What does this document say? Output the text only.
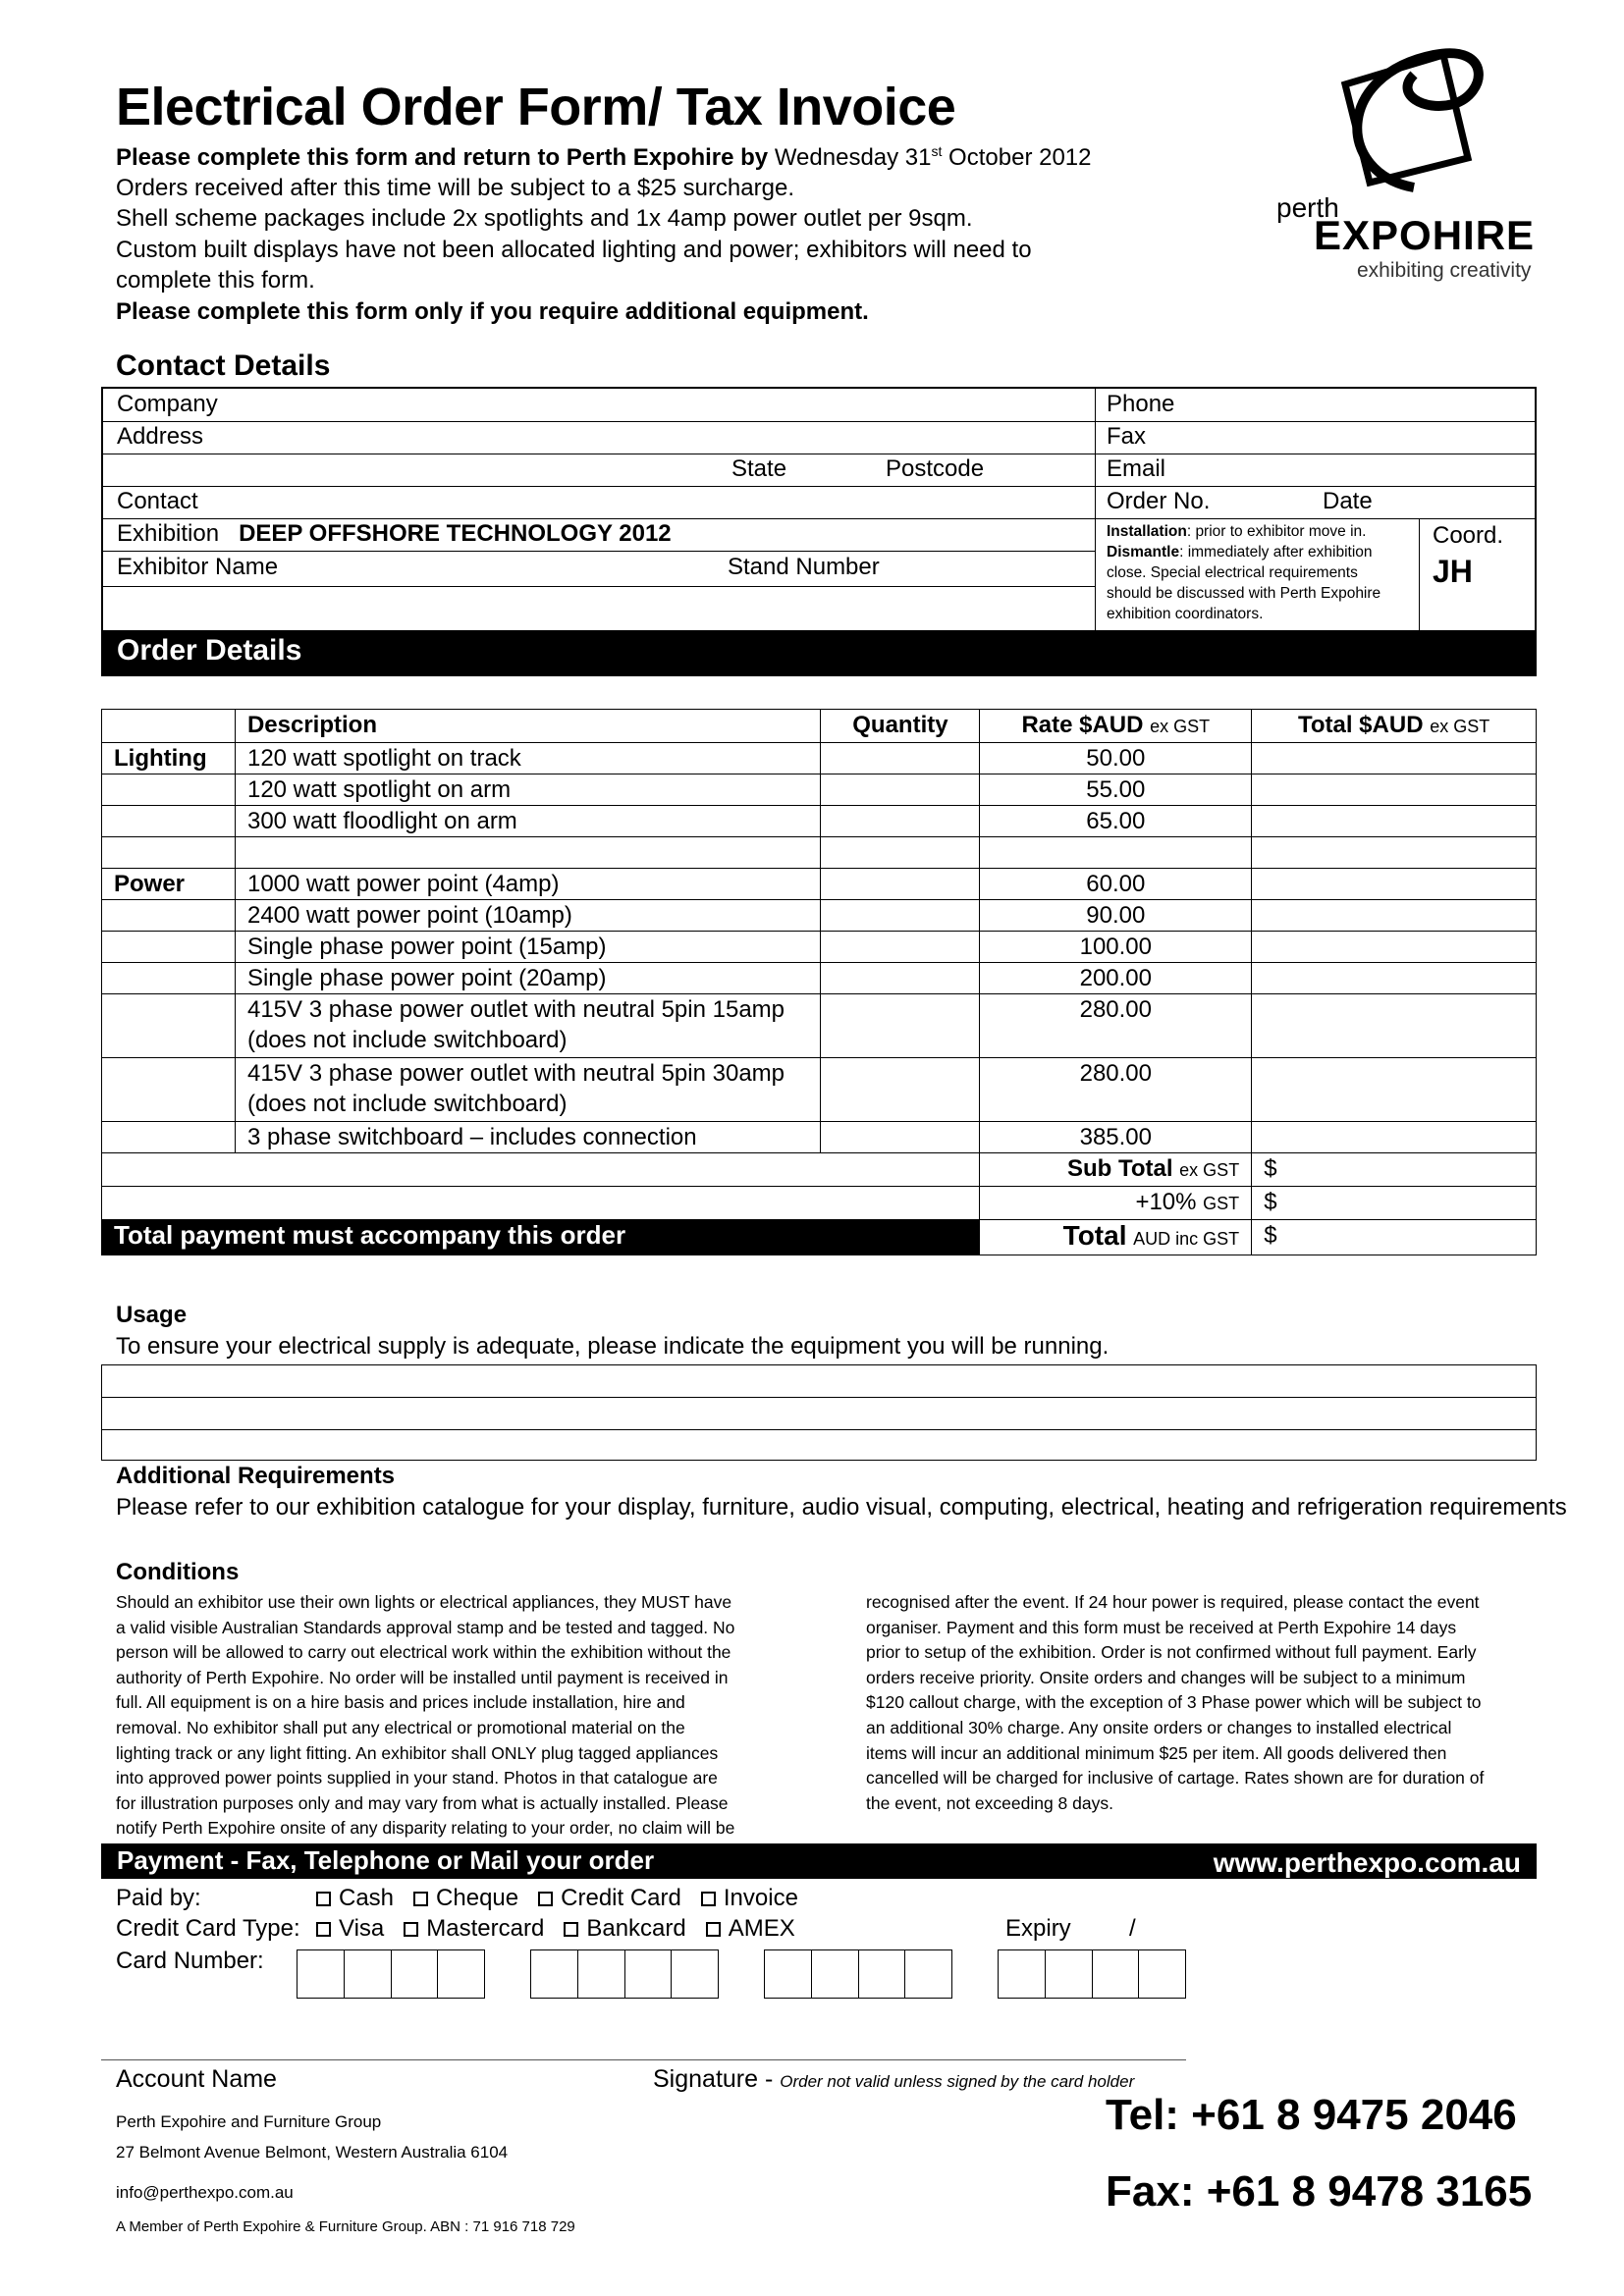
Electrical Order Form/ Tax Invoice
Please complete this form and return to Perth Expohire by Wednesday 31st October 2012
Orders received after this time will be subject to a $25 surcharge.
Shell scheme packages include 2x spotlights and 1x 4amp power outlet per 9sqm.
Custom built displays have not been allocated lighting and power; exhibitors will need to
complete this form.
Please complete this form only if you require additional equipment.
perth
EXPOHIRE
exhibiting creativity
Contact Details
Company
Address
State	Postcode
Contact
Exhibition DEEP OFFSHORE TECHNOLOGY 2012
Exhibitor Name	Stand Number
Phone
Fax
Email
Order No.	Date
Installation: prior to exhibitor move in.
Dismantle: immediately after exhibition
close. Special electrical requirements
should be discussed with Perth Expohire
exhibition coordinators.
Coord.
JH
Order Details
	Description	Quantity	Rate $AUD ex GST	Total $AUD ex GST
Lighting	120 watt spotlight on track		50.00	
	120 watt spotlight on arm		55.00	
	300 watt floodlight on arm		65.00	

Power	1000 watt power point (4amp)		60.00	
	2400 watt power point (10amp)		90.00	
	Single phase power point (15amp)		100.00	
	Single phase power point (20amp)		200.00	

	415V 3 phase power outlet with neutral 5pin 15amp
(does not include switchboard)		280.00	

	415V 3 phase power outlet with neutral 5pin 30amp
(does not include switchboard)		280.00	
	3 phase switchboard – includes connection		385.00	
			Sub Total ex GST	$
			+10% GST	$
Total payment must accompany this order			Total AUD inc GST	$
Usage
To ensure your electrical supply is adequate, please indicate the equipment you will be running.
Additional Requirements
Please refer to our exhibition catalogue for your display, furniture, audio visual, computing, electrical, heating and refrigeration requirements
Conditions
Should an exhibitor use their own lights or electrical appliances, they MUST have
a valid visible Australian Standards approval stamp and be tested and tagged. No
person will be allowed to carry out electrical work within the exhibition without the
authority of Perth Expohire. No order will be installed until payment is received in
full. All equipment is on a hire basis and prices include installation, hire and
removal. No exhibitor shall put any electrical or promotional material on the
lighting track or any light fitting. An exhibitor shall ONLY plug tagged appliances
into approved power points supplied in your stand. Photos in that catalogue are
for illustration purposes only and may vary from what is actually installed. Please
notify Perth Expohire onsite of any disparity relating to your order, no claim will be
recognised after the event. If 24 hour power is required, please contact the event
organiser. Payment and this form must be received at Perth Expohire 14 days
prior to setup of the exhibition. Order is not confirmed without full payment. Early
orders receive priority. Onsite orders and changes will be subject to a minimum
$120 callout charge, with the exception of 3 Phase power which will be subject to
an additional 30% charge. Any onsite orders or changes to installed electrical
items will incur an additional minimum $25 per item. All goods delivered then
cancelled will be charged for inclusive of cartage. Rates shown are for duration of
the event, not exceeding 8 days.
Payment - Fax, Telephone or Mail your order	www.perthexpo.com.au
Paid by:	Cash Cheque Credit Card Invoice
Credit Card Type:	Visa Mastercard Bankcard AMEX	Expiry /
Card Number:
Account Name	Signature - Order not valid unless signed by the card holder
Perth Expohire and Furniture Group
27 Belmont Avenue Belmont, Western Australia 6104
info@perthexpo.com.au
A Member of Perth Expohire & Furniture Group. ABN : 71 916 718 729
Tel: +61 8 9475 2046
Fax: +61 8 9478 3165
